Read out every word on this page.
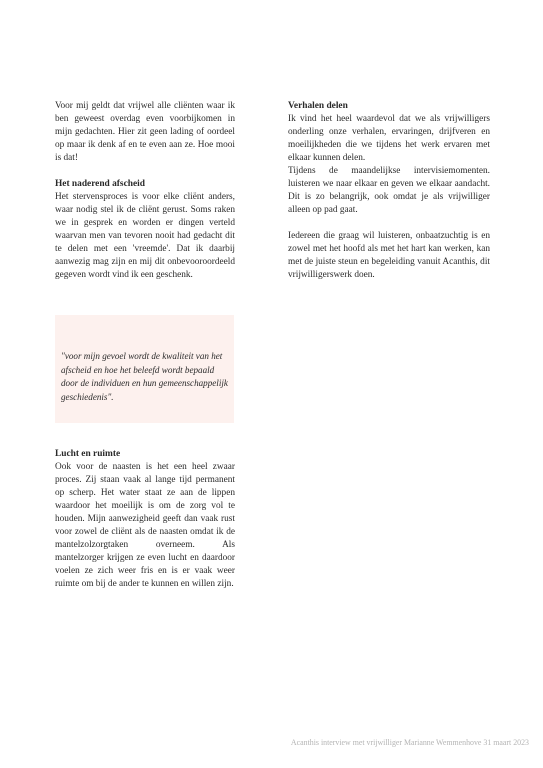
Voor mij geldt dat vrijwel alle cliënten waar ik ben geweest overdag even voorbijkomen in mijn gedachten. Hier zit geen lading of oordeel op maar ik denk af en te even aan ze. Hoe mooi is dat!

Het naderend afscheid

Het stervensproces is voor elke cliënt anders, waar nodig stel ik de cliënt gerust. Soms raken we in gesprek en worden er dingen verteld waarvan men van tevoren nooit had gedacht dit te delen met een 'vreemde'. Dat ik daarbij aanwezig mag zijn en mij dit onbevooroordeeld gegeven wordt vind ik een geschenk.

"voor mijn gevoel wordt de kwaliteit van het afscheid en hoe het beleefd wordt bepaald door de individuen en hun gemeenschappelijk geschiedenis".

Lucht en ruimte

Ook voor de naasten is het een heel zwaar proces. Zij staan vaak al lange tijd permanent op scherp. Het water staat ze aan de lippen waardoor het moeilijk is om de zorg vol te houden. Mijn aanwezigheid geeft dan vaak rust voor zowel de cliënt als de naasten omdat ik de mantelzolzorgtaken overneem. Als mantelzorger krijgen ze even lucht en daardoor voelen ze zich weer fris en is er vaak weer ruimte om bij de ander te kunnen en willen zijn.

Verhalen delen

Ik vind het heel waardevol dat we als vrijwilligers onderling onze verhalen, ervaringen, drijfveren en moeilijkheden die we tijdens het werk ervaren met elkaar kunnen delen.

Tijdens de maandelijkse intervisiemomenten. luisteren we naar elkaar en geven we elkaar aandacht. Dit is zo belangrijk, ook omdat je als vrijwilliger alleen op pad gaat.

Iedereen die graag wil luisteren, onbaatzuchtig is en zowel met het hoofd als met het hart kan werken, kan met de juiste steun en begeleiding vanuit Acanthis, dit vrijwilligerswerk doen.

Acanthis interview met vrijwilliger Marianne Wemmenhove 31 maart 2023
